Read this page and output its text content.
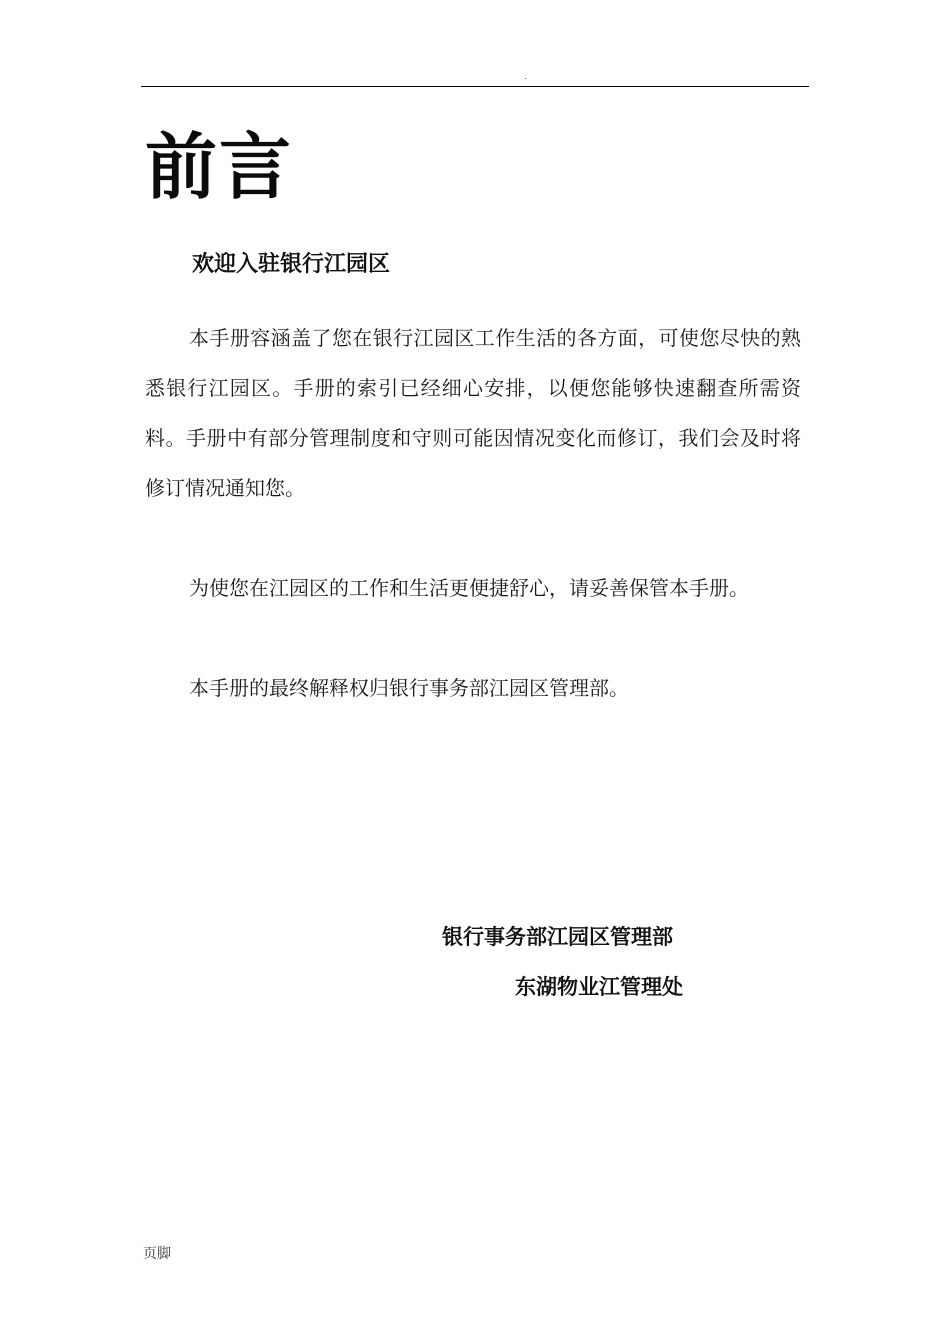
.
前言
欢迎入驻银行江园区

本手册容涵盖了您在银行江园区工作生活的各方面，可使您尽快的熟悉银行江园区。手册的索引已经细心安排，以便您能够快速翻查所需资料。手册中有部分管理制度和守则可能因情况变化而修订，我们会及时将修订情况通知您。

为使您在江园区的工作和生活更便捷舒心，请妥善保管本手册。

本手册的最终解释权归银行事务部江园区管理部。

银行事务部江园区管理部
东湖物业江管理处
页脚
